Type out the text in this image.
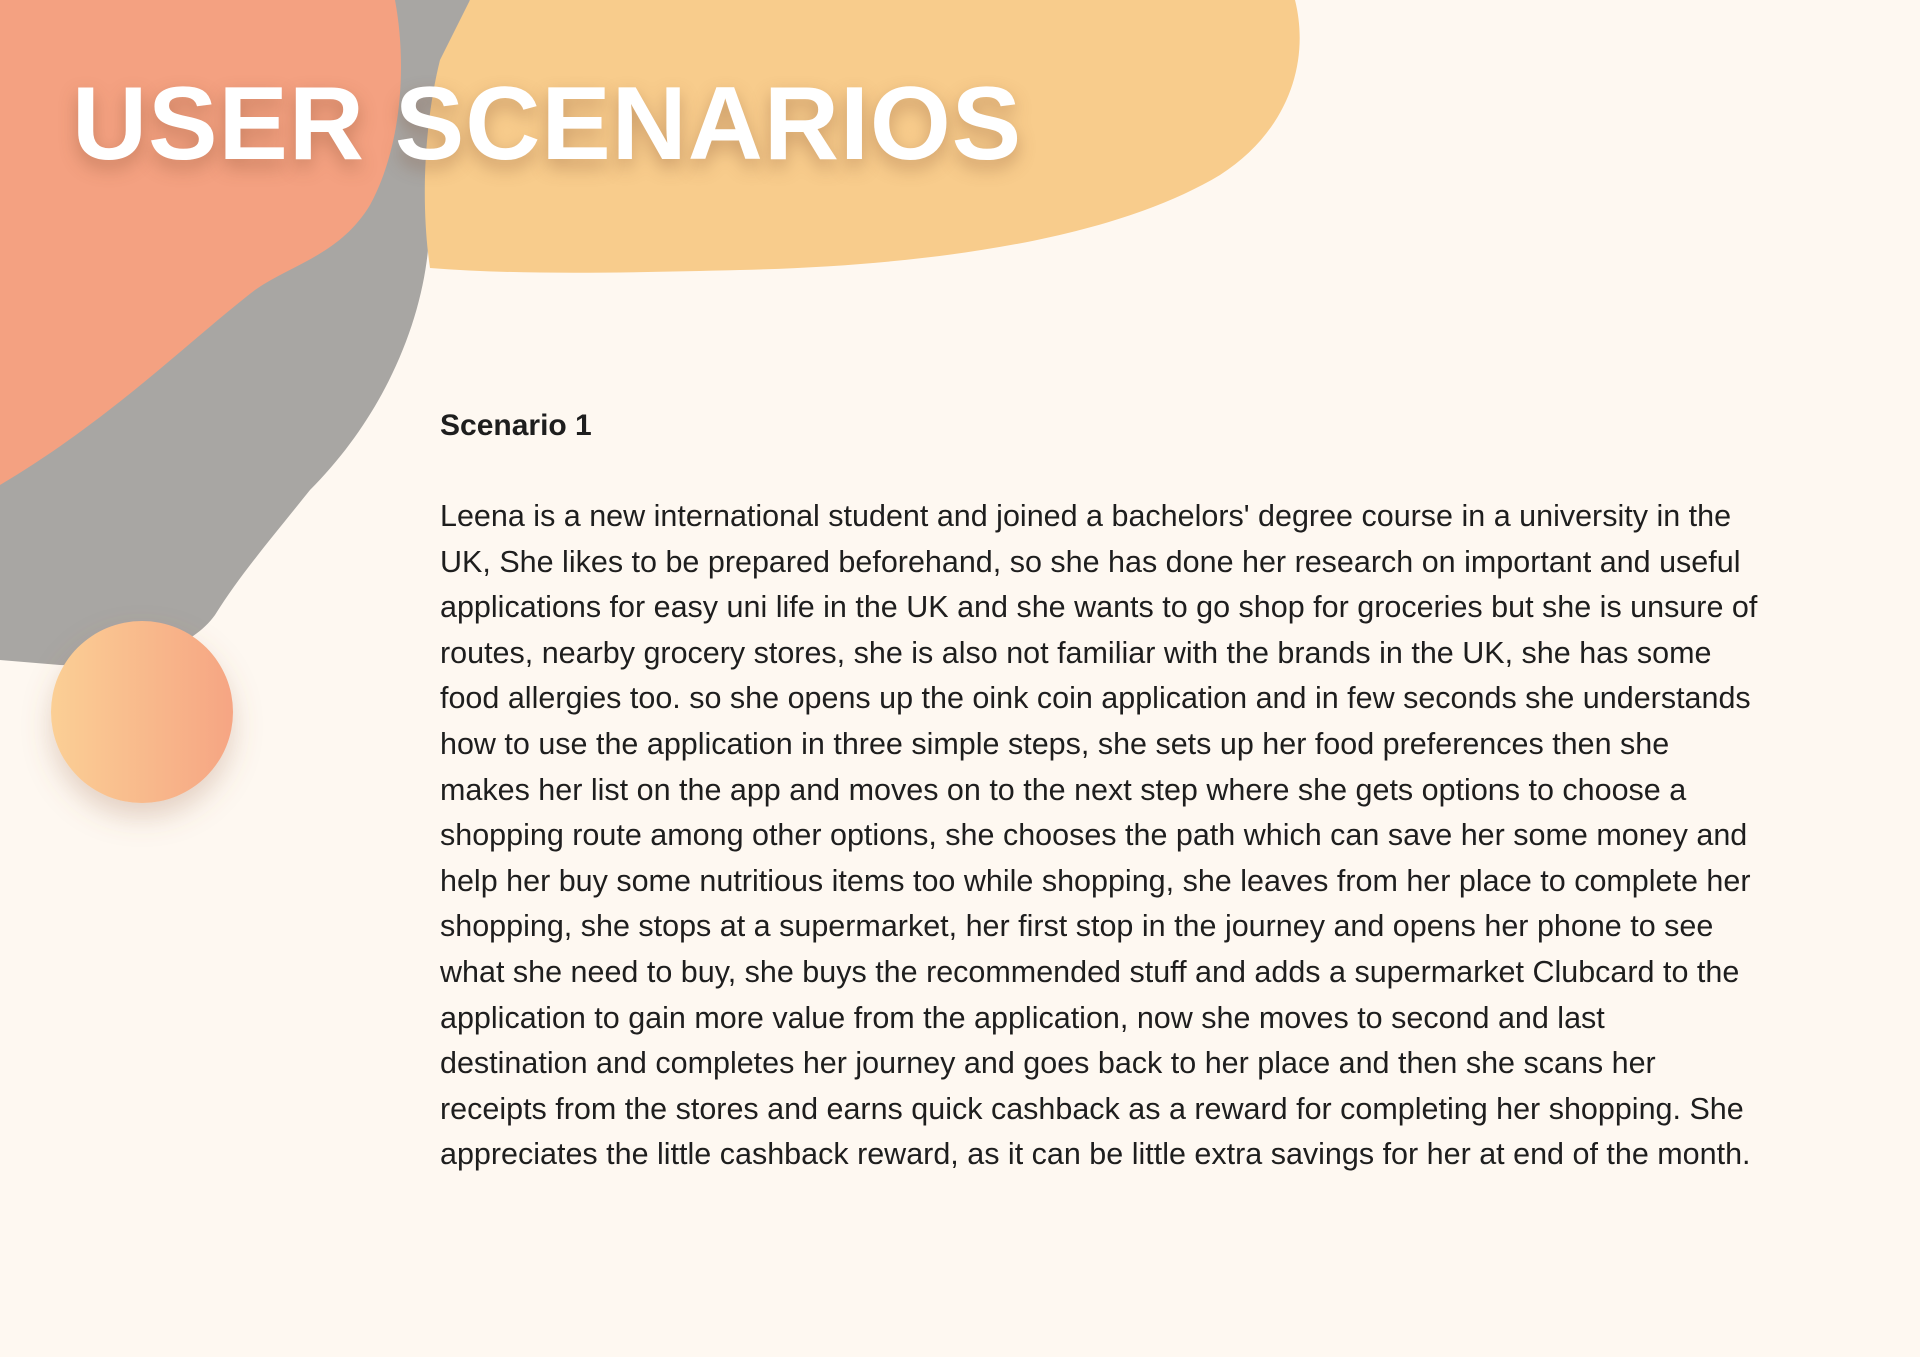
USER SCENARIOS
Scenario 1
Leena is a new international student and joined a bachelors' degree course in a university in the
UK, She likes to be prepared beforehand, so she has done her research on important and useful
applications for easy uni life in the UK and she wants to go shop for groceries but she is unsure of
routes, nearby grocery stores, she is also not familiar with the brands in the UK, she has some
food allergies too. so she opens up the oink coin application and in few seconds she understands
how to use the application in three simple steps, she sets up her food preferences then she
makes her list on the app and moves on to the next step where she gets options to choose a
shopping route among other options, she chooses the path which can save her some money and
help her buy some nutritious items too while shopping, she leaves from her place to complete her
shopping, she stops at a supermarket, her first stop in the journey and opens her phone to see
what she need to buy, she buys the recommended stuff and adds a supermarket Clubcard to the
application to gain more value from the application, now she moves to second and last
destination and completes her journey and goes back to her place and then she scans her
receipts from the stores and earns quick cashback as a reward for completing her shopping. She
appreciates the little cashback reward, as it can be little extra savings for her at end of the month.
